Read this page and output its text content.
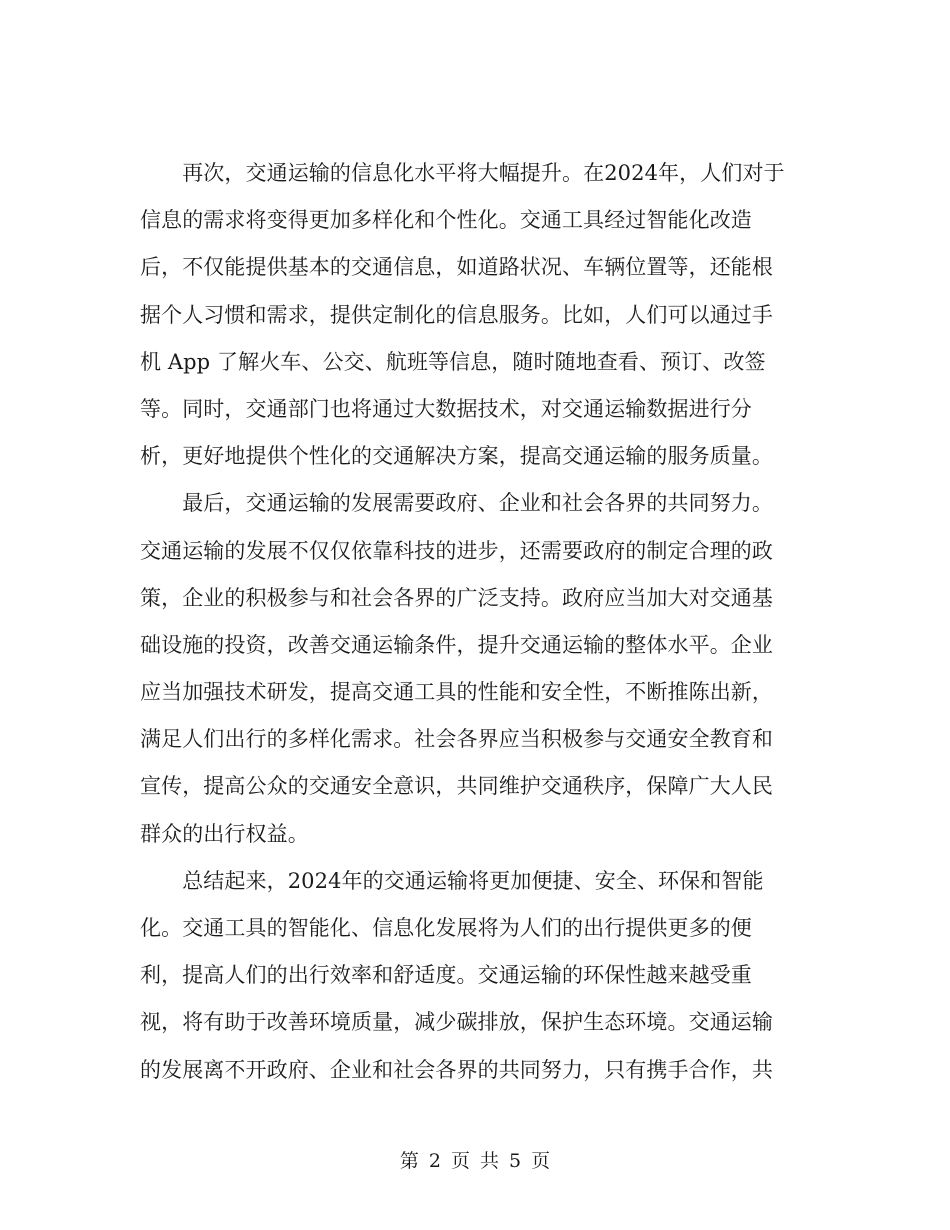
　　再次，交通运输的信息化水平将大幅提升。在2024年，人们对于
信息的需求将变得更加多样化和个性化。交通工具经过智能化改造
后，不仅能提供基本的交通信息，如道路状况、车辆位置等，还能根
据个人习惯和需求，提供定制化的信息服务。比如，人们可以通过手
机 App 了解火车、公交、航班等信息，随时随地查看、预订、改签
等。同时，交通部门也将通过大数据技术，对交通运输数据进行分
析，更好地提供个性化的交通解决方案，提高交通运输的服务质量。
　　最后，交通运输的发展需要政府、企业和社会各界的共同努力。
交通运输的发展不仅仅依靠科技的进步，还需要政府的制定合理的政
策，企业的积极参与和社会各界的广泛支持。政府应当加大对交通基
础设施的投资，改善交通运输条件，提升交通运输的整体水平。企业
应当加强技术研发，提高交通工具的性能和安全性，不断推陈出新，
满足人们出行的多样化需求。社会各界应当积极参与交通安全教育和
宣传，提高公众的交通安全意识，共同维护交通秩序，保障广大人民
群众的出行权益。
　　总结起来，2024年的交通运输将更加便捷、安全、环保和智能
化。交通工具的智能化、信息化发展将为人们的出行提供更多的便
利，提高人们的出行效率和舒适度。交通运输的环保性越来越受重
视，将有助于改善环境质量，减少碳排放，保护生态环境。交通运输
的发展离不开政府、企业和社会各界的共同努力，只有携手合作，共
第 2 页 共 5 页
